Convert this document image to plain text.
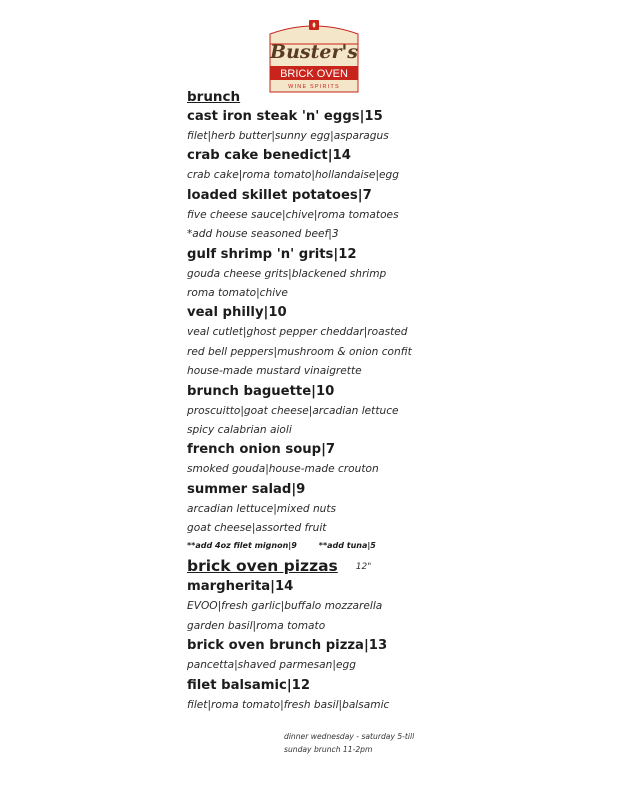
Buster's
BRICK OVEN
WINE SPIRITS
brunch
cast iron steak 'n' eggs|15
filet|herb butter|sunny egg|asparagus
crab cake benedict|14
crab cake|roma tomato|hollandaise|egg
loaded skillet potatoes|7
five cheese sauce|chive|roma tomatoes
*add house seasoned beef|3
gulf shrimp 'n' grits|12
gouda cheese grits|blackened shrimp
roma tomato|chive
veal philly|10
veal cutlet|ghost pepper cheddar|roasted
red bell peppers|mushroom & onion confit
house-made mustard vinaigrette
brunch baguette|10
proscuitto|goat cheese|arcadian lettuce
spicy calabrian aioli
french onion soup|7
smoked gouda|house-made crouton
summer salad|9
arcadian lettuce|mixed nuts
goat cheese|assorted fruit
**add 4oz filet mignon|9	**add tuna|5
brick oven pizzas 12"
margherita|14
EVOO|fresh garlic|buffalo mozzarella
garden basil|roma tomato
brick oven brunch pizza|13
pancetta|shaved parmesan|egg
filet balsamic|12
filet|roma tomato|fresh basil|balsamic
dinner wednesday - saturday 5-till
sunday brunch 11-2pm
